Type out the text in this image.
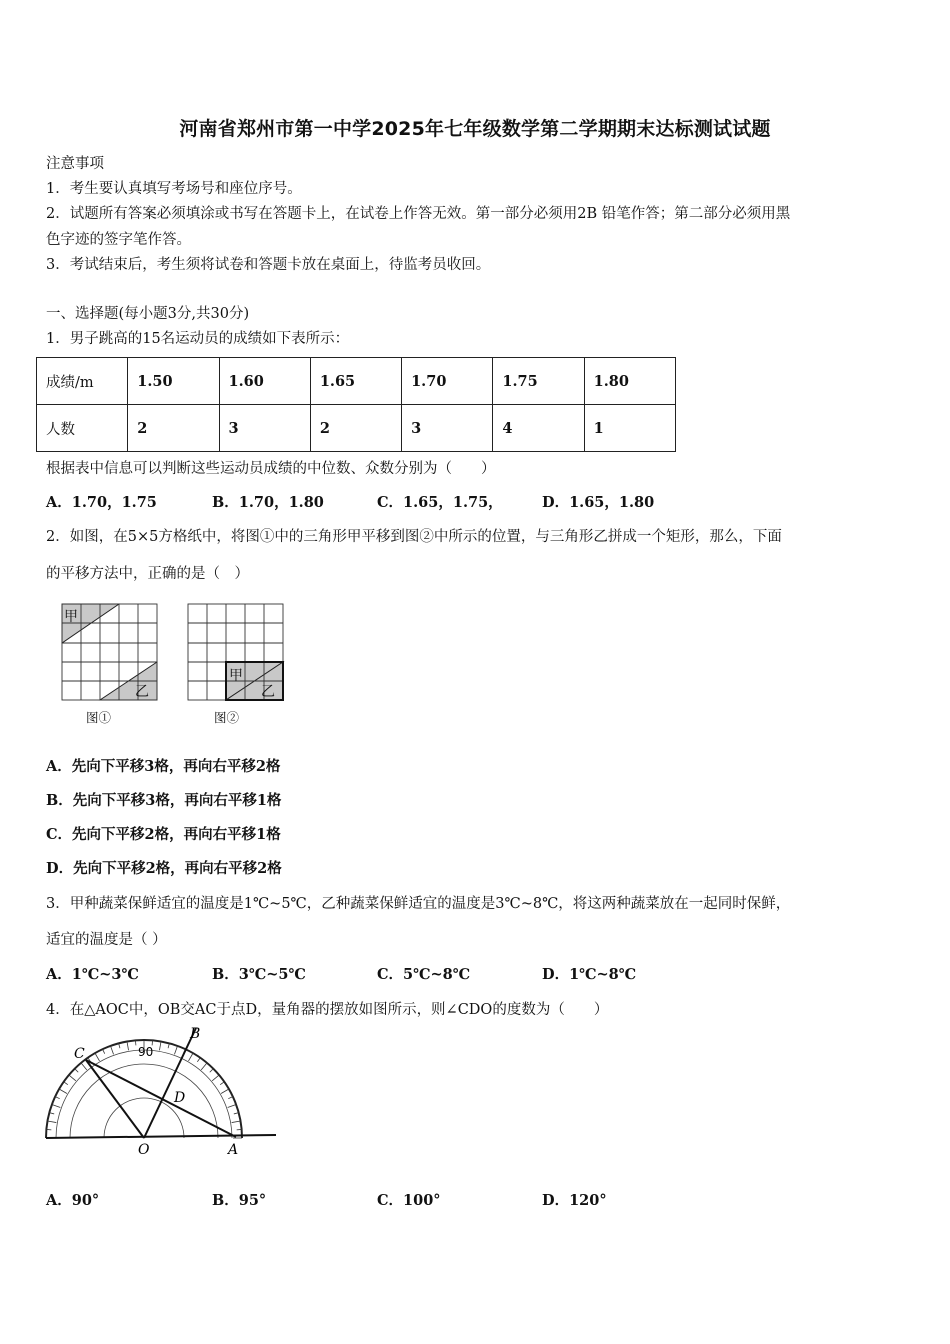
河南省郑州市第一中学2025年七年级数学第二学期期末达标测试试题
注意事项
1．考生要认真填写考场号和座位序号。
2．试题所有答案必须填涂或书写在答题卡上，在试卷上作答无效。第一部分必须用2B 铅笔作答；第二部分必须用黑
色字迹的签字笔作答。
3．考试结束后，考生须将试卷和答题卡放在桌面上，待监考员收回。
一、选择题(每小题3分,共30分)
1．男子跳高的15名运动员的成绩如下表所示：
成绩/m	1.50	1.60	1.65	1.70	1.75	1.80
人数	2	3	2	3	4	1
根据表中信息可以判断这些运动员成绩的中位数、众数分别为（　　）
A．1.70，1.75	B．1.70，1.80	C．1.65，1.75，	D．1.65，1.80
2．如图，在5×5方格纸中，将图①中的三角形甲平移到图②中所示的位置，与三角形乙拼成一个矩形，那么，下面
的平移方法中，正确的是（　）
甲
乙
图①
甲
乙
图②
A．先向下平移3格，再向右平移2格
B．先向下平移3格，再向右平移1格
C．先向下平移2格，再向右平移1格
D．先向下平移2格，再向右平移2格
3．甲种蔬菜保鲜适宜的温度是1℃~5℃，乙种蔬菜保鲜适宜的温度是3℃~8℃，将这两种蔬菜放在一起同时保鲜，
适宜的温度是（ ）
A．1℃~3℃	B．3℃~5℃	C．5℃~8℃	D．1℃~8℃
4．在△AOC中，OB交AC于点D，量角器的摆放如图所示，则∠CDO的度数为（　　）
C
B
D
O	A
90
A．90°	B．95°	C．100°	D．120°
